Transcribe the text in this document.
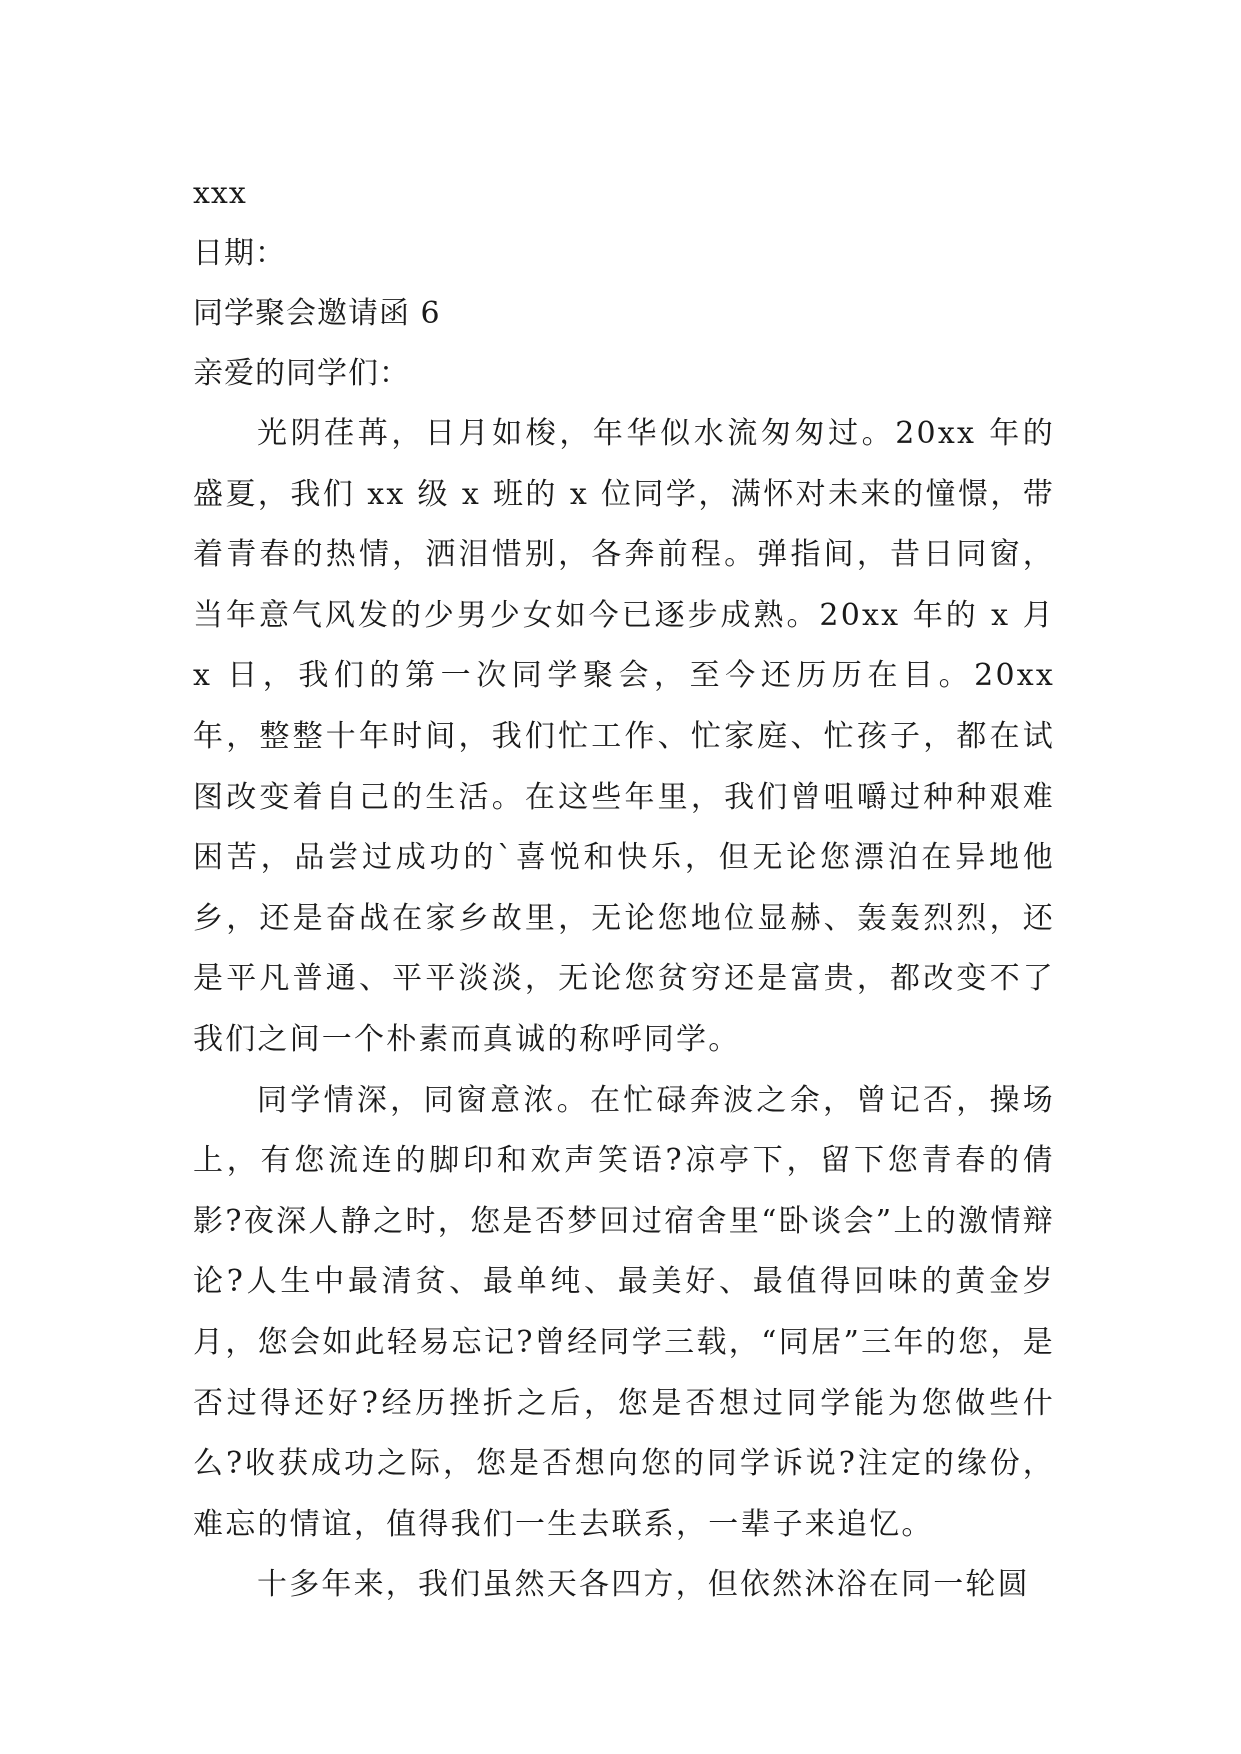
xxx
日期：
同学聚会邀请函 6
亲爱的同学们：

光阴荏苒，日月如梭，年华似水流匆匆过。20xx 年的盛夏，我们 xx 级 x 班的 x 位同学，满怀对未来的憧憬，带着青春的热情，洒泪惜别，各奔前程。弹指间，昔日同窗，当年意气风发的少男少女如今已逐步成熟。20xx 年的 x 月 x 日，我们的第一次同学聚会，至今还历历在目。20xx 年，整整十年时间，我们忙工作、忙家庭、忙孩子，都在试图改变着自己的生活。在这些年里，我们曾咀嚼过种种艰难困苦，品尝过成功的`喜悦和快乐，但无论您漂泊在异地他乡，还是奋战在家乡故里，无论您地位显赫、轰轰烈烈，还是平凡普通、平平淡淡，无论您贫穷还是富贵，都改变不了我们之间一个朴素而真诚的称呼同学。

同学情深，同窗意浓。在忙碌奔波之余，曾记否，操场上，有您流连的脚印和欢声笑语?凉亭下，留下您青春的倩影?夜深人静之时，您是否梦回过宿舍里“卧谈会”上的激情辩论?人生中最清贫、最单纯、最美好、最值得回味的黄金岁月，您会如此轻易忘记?曾经同学三载，“同居”三年的您，是否过得还好?经历挫折之后，您是否想过同学能为您做些什么?收获成功之际，您是否想向您的同学诉说?注定的缘份，难忘的情谊，值得我们一生去联系，一辈子来追忆。

十多年来，我们虽然天各四方，但依然沐浴在同一轮圆
